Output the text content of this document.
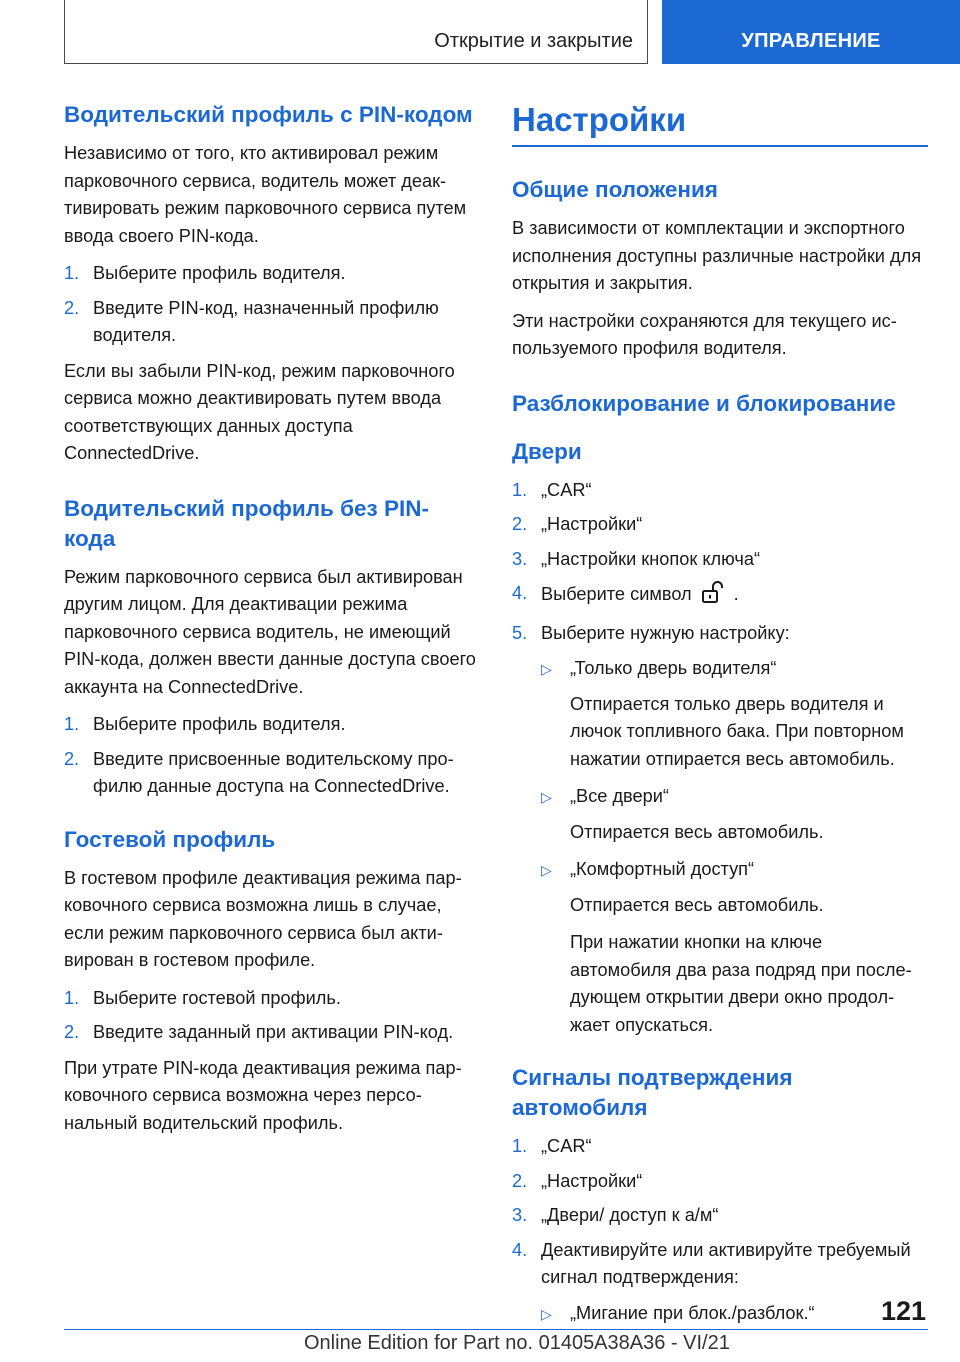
Открытие и закрытие	УПРАВЛЕНИЕ
Водительский профиль с PIN-кодом

Независимо от того, кто активировал режим парковочного сервиса, водитель может деактивировать режим парковочного сервиса путем ввода своего PIN-кода.

1. Выберите профиль водителя.
2. Введите PIN-код, назначенный профилю водителя.

Если вы забыли PIN-код, режим парковочного сервиса можно деактивировать путем ввода соответствующих данных доступа ConnectedDrive.

Водительский профиль без PIN-кода

Режим парковочного сервиса был активирован другим лицом. Для деактивации режима парковочного сервиса водитель, не имеющий PIN-кода, должен ввести данные доступа своего аккаунта на ConnectedDrive.

1. Выберите профиль водителя.
2. Введите присвоенные водительскому профилю данные доступа на ConnectedDrive.
Гостевой профиль

В гостевом профиле деактивация режима парковочного сервиса возможна лишь в случае, если режим парковочного сервиса был активирован в гостевом профиле.

1. Выберите гостевой профиль.
2. Введите заданный при активации PIN-код.

При утрате PIN-кода деактивация режима парковочного сервиса возможна через персональный водительский профиль.

Настройки
Общие положения

В зависимости от комплектации и экспортного исполнения доступны различные настройки для открытия и закрытия.

Эти настройки сохраняются для текущего используемого профиля водителя.

Разблокирование и блокирование
Двери
1. „CAR“
2. „Настройки“
3. „Настройки кнопок ключа“
4. Выберите символ .
5. Выберите нужную настройку:
▷ „Только дверь водителя“

Отпирается только дверь водителя и лючок топливного бака. При повторном нажатии отпирается весь автомобиль.

▷ „Все двери“

Отпирается весь автомобиль.

▷ „Комфортный доступ“

Отпирается весь автомобиль.

При нажатии кнопки на ключе автомобиля два раза подряд при последующем открытии двери окно продолжает опускаться.

Сигналы подтверждения автомобиля
1. „CAR“
2. „Настройки“
3. „Двери/ доступ к а/м“
4. Деактивируйте или активируйте требуемый сигнал подтверждения:
▷ „Мигание при блок./разблок.“	121
Online Edition for Part no. 01405A38A36 - VI/21
